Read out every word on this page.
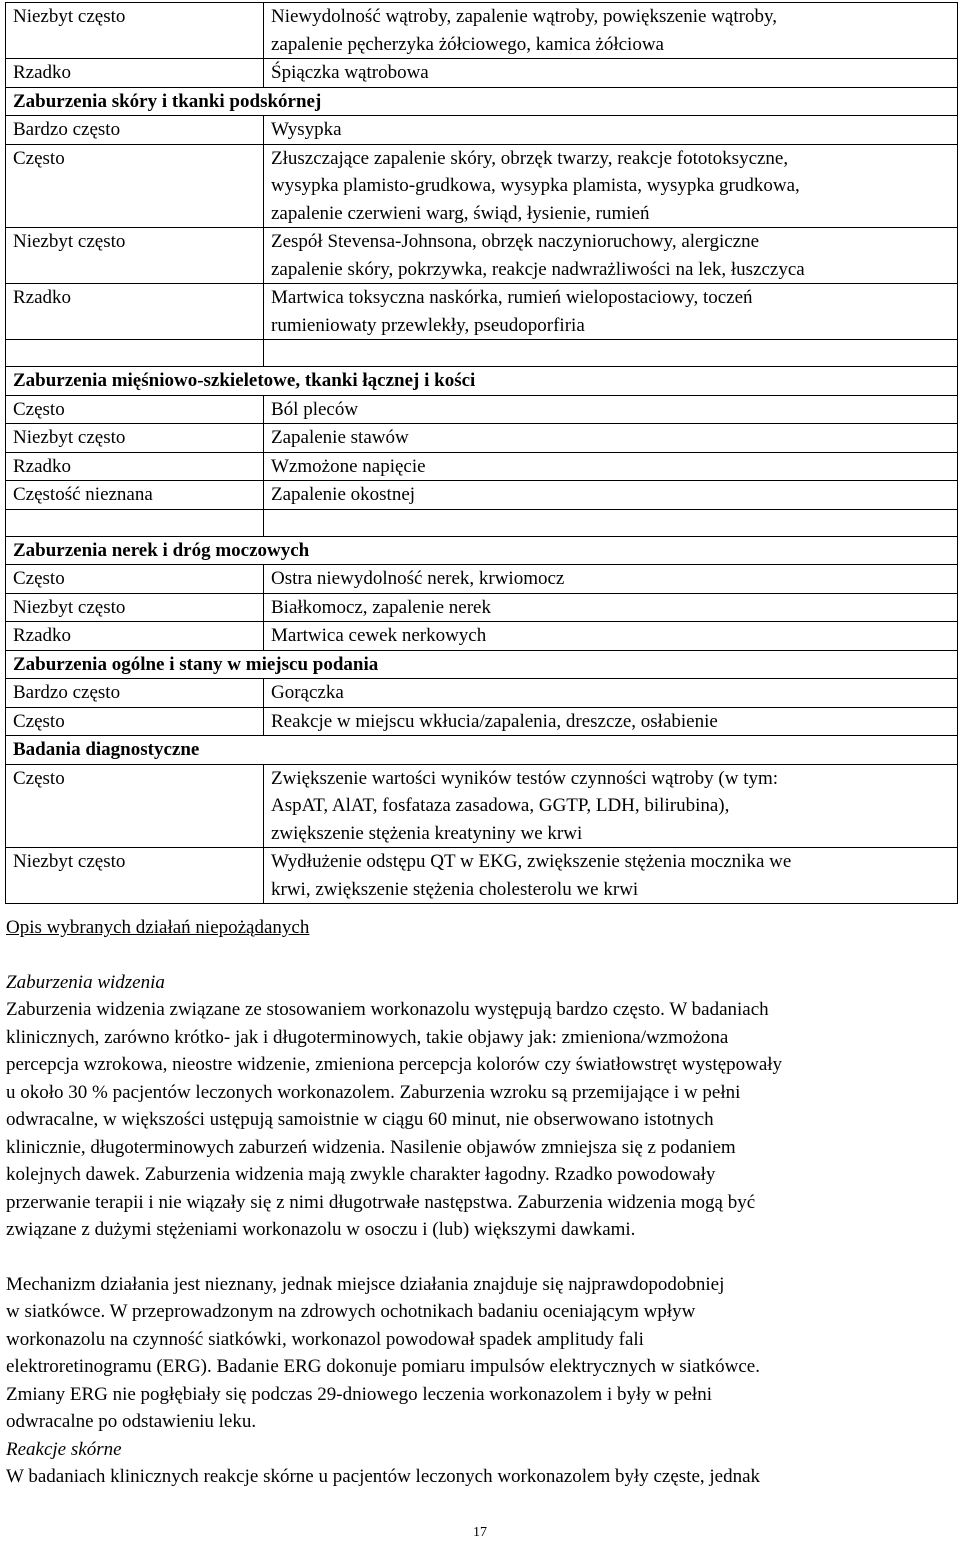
Niezbyt często	Niewydolność wątroby, zapalenie wątroby, powiększenie wątroby,
zapalenie pęcherzyka żółciowego, kamica żółciowa

Rzadko	Śpiączka wątrobowa

Zaburzenia skóry i tkanki podskórnej	
Bardzo często	Wysypka

Często	Złuszczające zapalenie skóry, obrzęk twarzy, reakcje fototoksyczne,
wysypka plamisto-grudkowa, wysypka plamista, wysypka grudkowa,
zapalenie czerwieni warg, świąd, łysienie, rumień

Niezbyt często	Zespół Stevensa-Johnsona, obrzęk naczynioruchowy, alergiczne
zapalenie skóry, pokrzywka, reakcje nadwrażliwości na lek, łuszczyca

Rzadko	Martwica toksyczna naskórka, rumień wielopostaciowy, toczeń
rumieniowaty przewlekły, pseudoporfiria

Zaburzenia mięśniowo-szkieletowe, tkanki łącznej i kości	
Często	Ból pleców

Niezbyt często	Zapalenie stawów

Rzadko	Wzmożone napięcie

Częstość nieznana	Zapalenie okostnej

Zaburzenia nerek i dróg moczowych	
Często	Ostra niewydolność nerek, krwiomocz

Niezbyt często	Białkomocz, zapalenie nerek

Rzadko	Martwica cewek nerkowych

Zaburzenia ogólne i stany w miejscu podania	
Bardzo często	Gorączka

Często	Reakcje w miejscu wkłucia/zapalenia, dreszcze, osłabienie

Badania diagnostyczne	
Często	Zwiększenie wartości wyników testów czynności wątroby (w tym:
AspAT, AlAT, fosfataza zasadowa, GGTP, LDH, bilirubina),
zwiększenie stężenia kreatyniny we krwi

Niezbyt często	Wydłużenie odstępu QT w EKG, zwiększenie stężenia mocznika we
krwi, zwiększenie stężenia cholesterolu we krwi

Opis wybranych działań niepożądanych

Zaburzenia widzenia

Zaburzenia widzenia związane ze stosowaniem workonazolu występują bardzo często. W badaniach
klinicznych, zarówno krótko- jak i długoterminowych, takie objawy jak: zmieniona/wzmożona
percepcja wzrokowa, nieostre widzenie, zmieniona percepcja kolorów czy światłowstręt występowały
u około 30 % pacjentów leczonych workonazolem. Zaburzenia wzroku są przemijające i w pełni
odwracalne, w większości ustępują samoistnie w ciągu 60 minut, nie obserwowano istotnych
klinicznie, długoterminowych zaburzeń widzenia. Nasilenie objawów zmniejsza się z podaniem
kolejnych dawek. Zaburzenia widzenia mają zwykle charakter łagodny. Rzadko powodowały
przerwanie terapii i nie wiązały się z nimi długotrwałe następstwa. Zaburzenia widzenia mogą być
związane z dużymi stężeniami workonazolu w osoczu i (lub) większymi dawkami.

Mechanizm działania jest nieznany, jednak miejsce działania znajduje się najprawdopodobniej
w siatkówce. W przeprowadzonym na zdrowych ochotnikach badaniu oceniającym wpływ
workonazolu na czynność siatkówki, workonazol powodował spadek amplitudy fali
elektroretinogramu (ERG). Badanie ERG dokonuje pomiaru impulsów elektrycznych w siatkówce.
Zmiany ERG nie pogłębiały się podczas 29-dniowego leczenia workonazolem i były w pełni
odwracalne po odstawieniu leku.

Reakcje skórne

W badaniach klinicznych reakcje skórne u pacjentów leczonych workonazolem były częste, jednak

17
